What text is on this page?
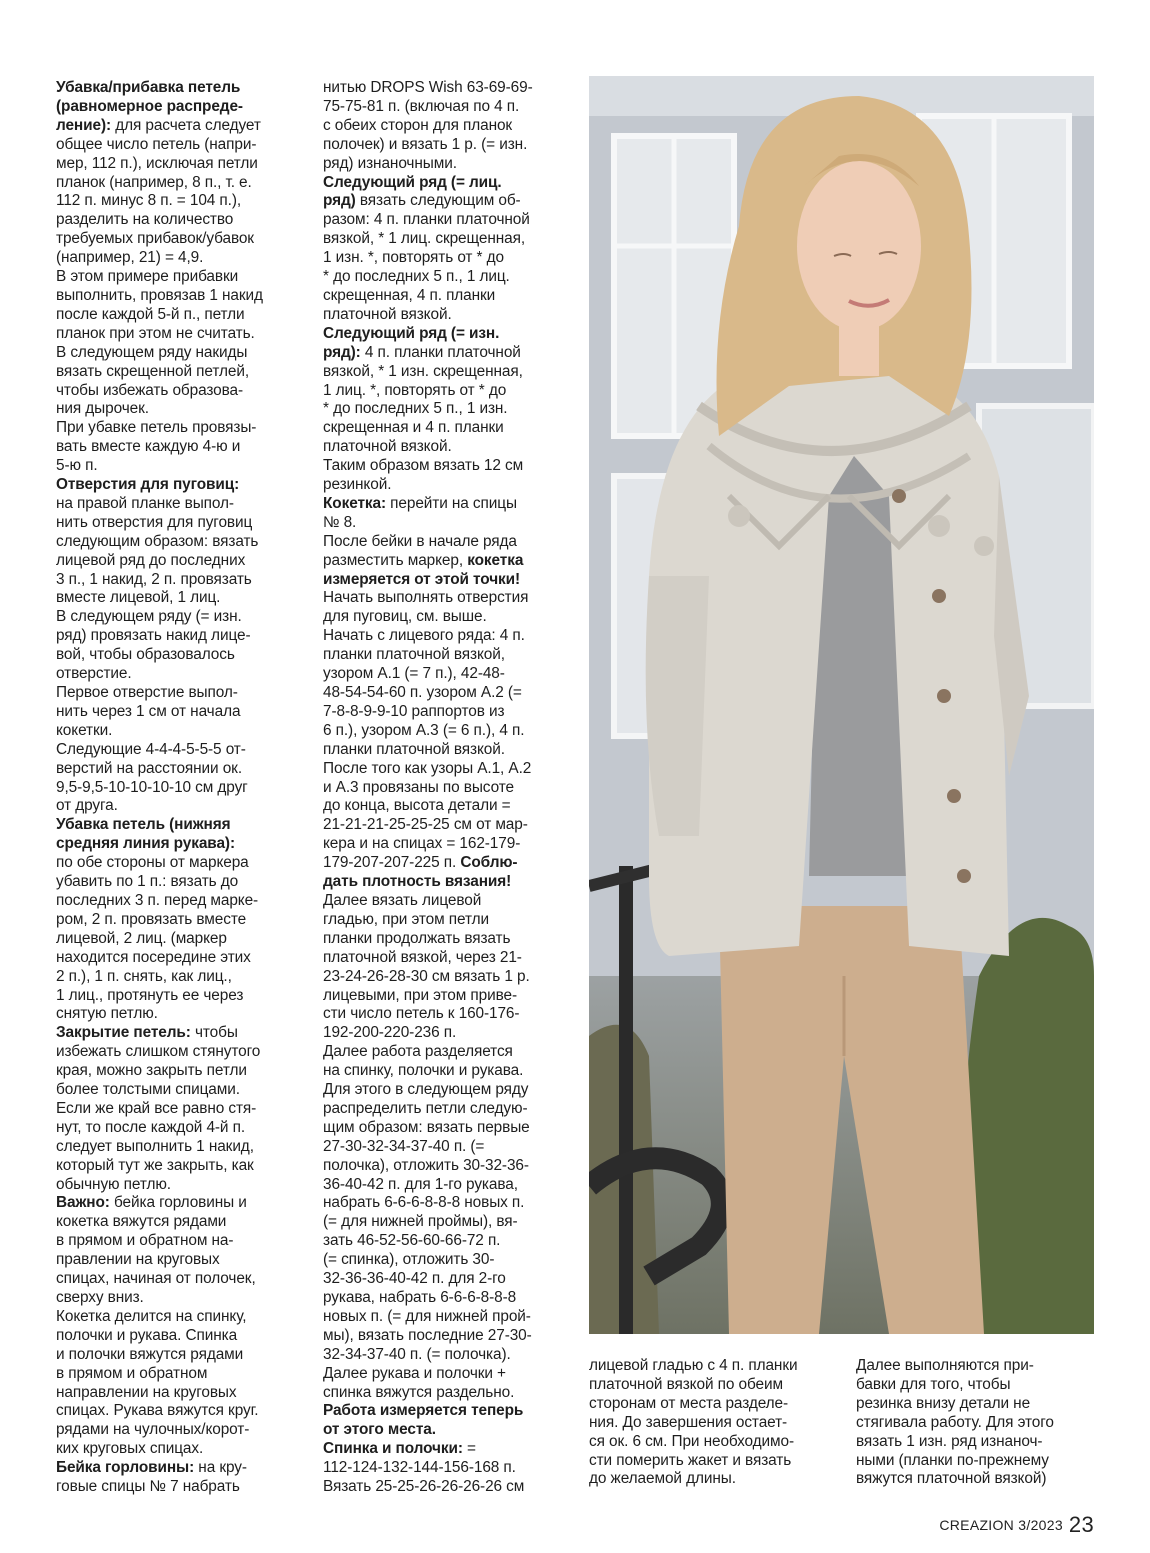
Убавка/прибавка петель
(равномерное распреде-
ление): для расчета следует
общее число петель (напри-
мер, 112 п.), исключая петли
планок (например, 8 п., т. е.
112 п. минус 8 п. = 104 п.),
разделить на количество
требуемых прибавок/убавок
(например, 21) = 4,9.
В этом примере прибавки
выполнить, провязав 1 накид
после каждой 5-й п., петли
планок при этом не считать.
В следующем ряду накиды
вязать скрещенной петлей,
чтобы избежать образова-
ния дырочек.
При убавке петель провязы-
вать вместе каждую 4-ю и
5-ю п.
Отверстия для пуговиц:
на правой планке выпол-
нить отверстия для пуговиц
следующим образом: вязать
лицевой ряд до последних
3 п., 1 накид, 2 п. провязать
вместе лицевой, 1 лиц.
В следующем ряду (= изн.
ряд) провязать накид лице-
вой, чтобы образовалось
отверстие.
Первое отверстие выпол-
нить через 1 см от начала
кокетки.
Следующие 4-4-4-5-5-5 от-
верстий на расстоянии ок.
9,5-9,5-10-10-10-10 см друг
от друга.
Убавка петель (нижняя
средняя линия рукава):
по обе стороны от маркера
убавить по 1 п.: вязать до
последних 3 п. перед марке-
ром, 2 п. провязать вместе
лицевой, 2 лиц. (маркер
находится посередине этих
2 п.), 1 п. снять, как лиц.,
1 лиц., протянуть ее через
снятую петлю.
Закрытие петель: чтобы
избежать слишком стянутого
края, можно закрыть петли
более толстыми спицами.
Если же край все равно стя-
нут, то после каждой 4-й п.
следует выполнить 1 накид,
который тут же закрыть, как
обычную петлю.
Важно: бейка горловины и
кокетка вяжутся рядами
в прямом и обратном на-
правлении на круговых
спицах, начиная от полочек,
сверху вниз.
Кокетка делится на спинку,
полочки и рукава. Спинка
и полочки вяжутся рядами
в прямом и обратном
направлении на круговых
спицах. Рукава вяжутся круг.
рядами на чулочных/корот-
ких круговых спицах.
Бейка горловины: на кру-
говые спицы № 7 набрать
нитью DROPS Wish 63-69-69-
75-75-81 п. (включая по 4 п.
с обеих сторон для планок
полочек) и вязать 1 р. (= изн.
ряд) изнаночными.
Следующий ряд (= лиц.
ряд) вязать следующим об-
разом: 4 п. планки платочной
вязкой, * 1 лиц. скрещенная,
1 изн. *, повторять от * до
* до последних 5 п., 1 лиц.
скрещенная, 4 п. планки
платочной вязкой.
Следующий ряд (= изн.
ряд): 4 п. планки платочной
вязкой, * 1 изн. скрещенная,
1 лиц. *, повторять от * до
* до последних 5 п., 1 изн.
скрещенная и 4 п. планки
платочной вязкой.
Таким образом вязать 12 см
резинкой.
Кокетка: перейти на спицы
№ 8.
После бейки в начале ряда
разместить маркер, кокетка
измеряется от этой точки!
Начать выполнять отверстия
для пуговиц, см. выше.
Начать с лицевого ряда: 4 п.
планки платочной вязкой,
узором А.1 (= 7 п.), 42-48-
48-54-54-60 п. узором А.2 (=
7-8-8-9-9-10 раппортов из
6 п.), узором А.3 (= 6 п.), 4 п.
планки платочной вязкой.
После того как узоры А.1, А.2
и А.3 провязаны по высоте
до конца, высота детали =
21-21-21-25-25-25 см от мар-
кера и на спицах = 162-179-
179-207-207-225 п. Соблю-
дать плотность вязания!
Далее вязать лицевой
гладью, при этом петли
планки продолжать вязать
платочной вязкой, через 21-
23-24-26-28-30 см вязать 1 р.
лицевыми, при этом приве-
сти число петель к 160-176-
192-200-220-236 п.
Далее работа разделяется
на спинку, полочки и рукава.
Для этого в следующем ряду
распределить петли следую-
щим образом: вязать первые
27-30-32-34-37-40 п. (=
полочка), отложить 30-32-36-
36-40-42 п. для 1-го рукава,
набрать 6-6-6-8-8-8 новых п.
(= для нижней проймы), вя-
зать 46-52-56-60-66-72 п.
(= спинка), отложить 30-
32-36-36-40-42 п. для 2-го
рукава, набрать 6-6-6-8-8-8
новых п. (= для нижней прой-
мы), вязать последние 27-30-
32-34-37-40 п. (= полочка).
Далее рукава и полочки +
спинка вяжутся раздельно.
Работа измеряется теперь
от этого места.
Спинка и полочки: =
112-124-132-144-156-168 п.
Вязать 25-25-26-26-26-26 см
лицевой гладью с 4 п. планки
платочной вязкой по обеим
сторонам от места разделе-
ния. До завершения остает-
ся ок. 6 см. При необходимо-
сти померить жакет и вязать
до желаемой длины.
Далее выполняются при-
бавки для того, чтобы
резинка внизу детали не
стягивала работу. Для этого
вязать 1 изн. ряд изнаноч-
ными (планки по-прежнему
вяжутся платочной вязкой)
CREAZION 3/2023 23
